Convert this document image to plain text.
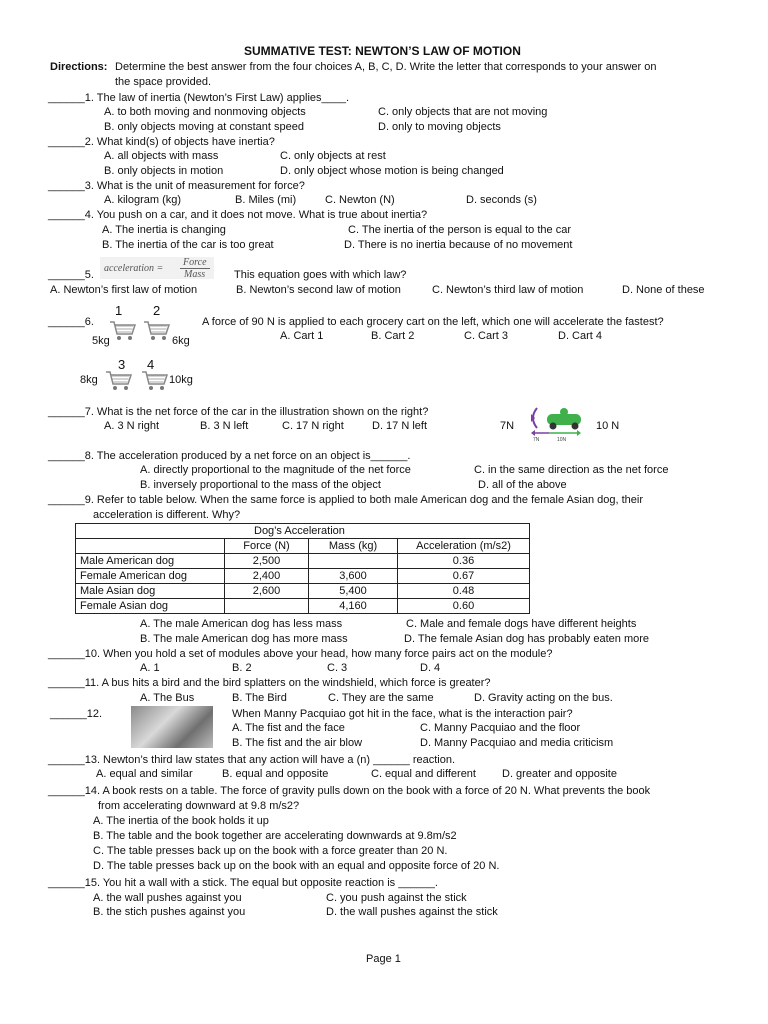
SUMMATIVE TEST: NEWTON’S LAW OF MOTION
Directions: Determine the best answer from the four choices A, B, C, D. Write the letter that corresponds to your answer on
the space provided.
______1. The law of inertia (Newton’s First Law) applies____.
A. to both moving and nonmoving objects	C. only objects that are not moving
B. only objects moving at constant speed	D. only to moving objects
______2. What kind(s) of objects have inertia?
A. all objects with mass	C. only objects at rest
B. only objects in motion	D. only object whose motion is being changed
______3. What is the unit of measurement for force?
A. kilogram (kg)	B. Miles (mi)	C. Newton (N)	D. seconds (s)
______4. You push on a car, and it does not move. What is true about inertia?
A. The inertia is changing	C. The inertia of the person is equal to the car
B. The inertia of the car is too great	D. There is no inertia because of no movement
______5.
acceleration =
Force
Mass	This equation goes with which law?
A. Newton’s first law of motion	B. Newton’s second law of motion	C. Newton’s third law of motion	D. None of these
______6.	A force of 90 N is applied to each grocery cart on the left, which one will accelerate the fastest?
A. Cart 1	B. Cart 2	C. Cart 3	D. Cart 4
1 2
3 4
5kg	6kg
8kg	10kg
______7. What is the net force of the car in the illustration shown on the right?
A. 3 N right	B. 3 N left	C. 17 N right	D. 17 N left	7N	10 N
7N	10N
______8. The acceleration produced by a net force on an object is______.
A. directly proportional to the magnitude of the net force	C. in the same direction as the net force
B. inversely proportional to the mass of the object	D. all of the above
______9. Refer to table below. When the same force is applied to both male American dog and the female Asian dog, their
acceleration is different. Why?
Dog’s Acceleration			
	Force (N)	Mass (kg)	Acceleration (m/s2)
Male American dog	2,500		0.36
Female American dog	2,400	3,600	0.67
Male Asian dog	2,600	5,400	0.48
Female Asian dog		4,160	0.60
A. The male American dog has less mass	C. Male and female dogs have different heights
B. The male American dog has more mass	D. The female Asian dog has probably eaten more
______10. When you hold a set of modules above your head, how many force pairs act on the module?
A. 1	B. 2	C. 3	D. 4
______11. A bus hits a bird and the bird splatters on the windshield, which force is greater?
A. The Bus	B. The Bird	C. They are the same	D. Gravity acting on the bus.
______12.	When Manny Pacquiao got hit in the face, what is the interaction pair?
A. The fist and the face	C. Manny Pacquiao and the floor
B. The fist and the air blow	D. Manny Pacquiao and media criticism
______13. Newton’s third law states that any action will have a (n) ______ reaction.
A. equal and similar	B. equal and opposite	C. equal and different D. greater and opposite
______14. A book rests on a table. The force of gravity pulls down on the book with a force of 20 N. What prevents the book
from accelerating downward at 9.8 m/s2?
A. The inertia of the book holds it up
B. The table and the book together are accelerating downwards at 9.8m/s2
C. The table presses back up on the book with a force greater than 20 N.
D. The table presses back up on the book with an equal and opposite force of 20 N.
______15. You hit a wall with a stick. The equal but opposite reaction is ______.
A. the wall pushes against you	C. you push against the stick
B. the stich pushes against you	D. the wall pushes against the stick
Page 1
